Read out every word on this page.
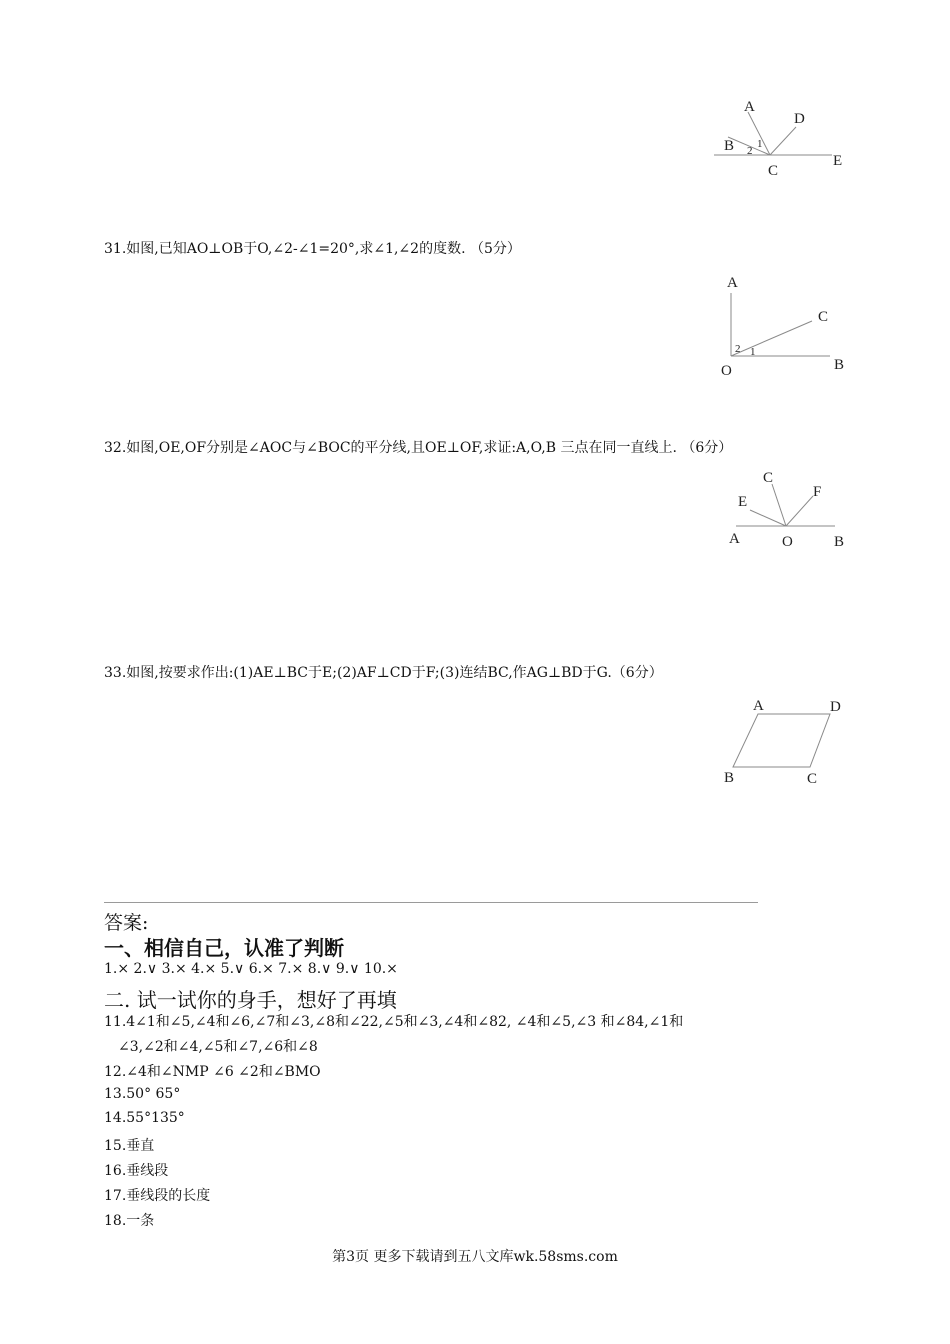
A
D
B 2
1
C
E
31.如图,已知AO⊥OB于O,∠2-∠1=20°,求∠1,∠2的度数. （5分）
A
C
2 1
O	B
32.如图,OE,OF分别是∠AOC与∠BOC的平分线,且OE⊥OF,求证:A,O,B 三点在同一直线上. （6分）
C
E
F
A	O	B
33.如图,按要求作出:(1)AE⊥BC于E;(2)AF⊥CD于F;(3)连结BC,作AG⊥BD于G.（6分）
A	D
B	C
答案:
一、相信自己，认准了判断
1.× 2.∨ 3.× 4.× 5.∨ 6.× 7.× 8.∨ 9.∨ 10.×
二. 试一试你的身手，想好了再填
11.4∠1和∠5,∠4和∠6,∠7和∠3,∠8和∠22,∠5和∠3,∠4和∠82, ∠4和∠5,∠3 和∠84,∠1和
∠3,∠2和∠4,∠5和∠7,∠6和∠8
12.∠4和∠NMP ∠6 ∠2和∠BMO
13.50° 65°
14.55°135°
15.垂直
16.垂线段
17.垂线段的长度
18.一条
第3页 更多下载请到五八文库wk.58sms.com
